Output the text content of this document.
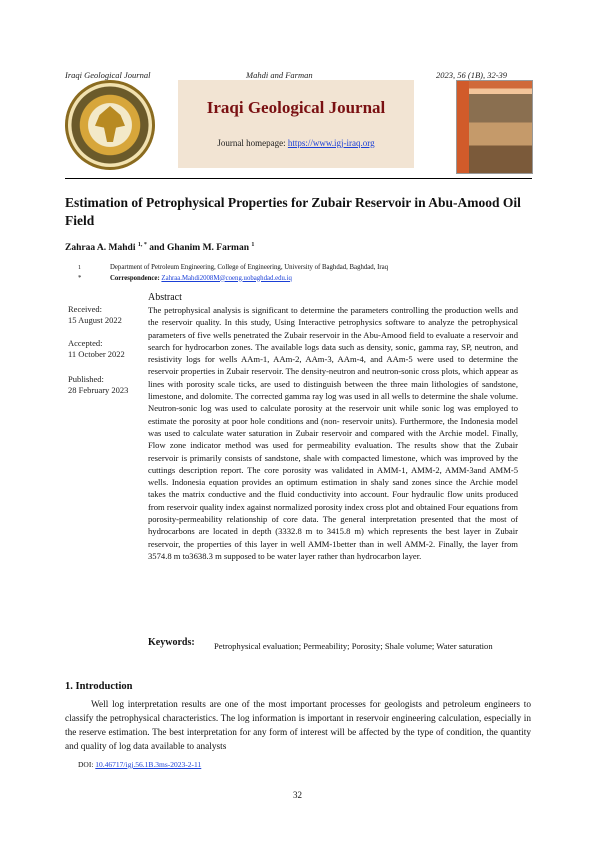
Iraqi Geological Journal	Mahdi and Farman	2023, 56 (1B), 32-39
Iraqi Geological Journal
Journal homepage: https://www.igj-iraq.org
Estimation of Petrophysical Properties for Zubair Reservoir in Abu-Amood Oil Field
Zahraa A. Mahdi $^{1, *}$ and Ghanim M. Farman $^1$
1	Department of Petroleum Engineering, College of Engineering, University of Baghdad, Baghdad, Iraq
*	Correspondence: Zahraa.Mahdi2008M@coeng.uobaghdad.edu.iq
Received:
15 August 2022
Accepted:
11 October 2022
Published:
28 February 2023
Abstract

The petrophysical analysis is significant to determine the parameters controlling the production wells and the reservoir quality. In this study, Using Interactive petrophysics software to analyze the petrophysical parameters of five wells penetrated the Zubair reservoir in the Abu-Amood field to evaluate a reservoir and search for hydrocarbon zones. The available logs data such as density, sonic, gamma ray, SP, neutron, and resistivity logs for wells AAm-1, AAm-2, AAm-3, AAm-4, and AAm-5 were used to determine the reservoir properties in Zubair reservoir. The density-neutron and neutron-sonic cross plots, which appear as lines with porosity scale ticks, are used to distinguish between the three main lithologies of sandstone, limestone, and dolomite. The corrected gamma ray log was used in all wells to determine the shale volume. Neutron-sonic log was used to calculate porosity at the reservoir unit while sonic log was employed to estimate the porosity at poor hole conditions and (non- reservoir units). Furthermore, the Indonesia model was used to calculate water saturation in Zubair reservoir and compared with the Archie model. Finally, Flow zone indicator method was used for permeability evaluation. The results show that the Zubair reservoir is primarily consists of sandstone, shale with compacted limestone, which was improved by the cuttings description report. The core porosity was validated in AMM-1, AMM-2, AMM-3and AMM-5 wells. Indonesia equation provides an optimum estimation in shaly sand zones since the Archie model takes the matrix conductive and the fluid conductivity into account. Four hydraulic flow units produced from reservoir quality index against normalized porosity index cross plot and obtained Four equations from porosity-permeability relationship of core data. The general interpretation presented that the most of hydrocarbons are located in depth (3332.8 m to 3415.8 m) which represents the best layer in Zubair reservoir, the properties of this layer in well AMM-1better than in well AMM-2. Finally, the layer from 3574.8 m to3638.3 m supposed to be water layer rather than hydrocarbon layer.

Keywords: Petrophysical evaluation; Permeability; Porosity; Shale volume; Water saturation
1. Introduction

Well log interpretation results are one of the most important processes for geologists and petroleum engineers to classify the petrophysical characteristics. The log information is important in reservoir engineering calculation, especially in the reserve estimation. The best interpretation for any form of interest will be affected by the type of condition, the quantity and quality of log data available to analysts

DOI: 10.46717/igj.56.1B.3ms-2023-2-11
32
